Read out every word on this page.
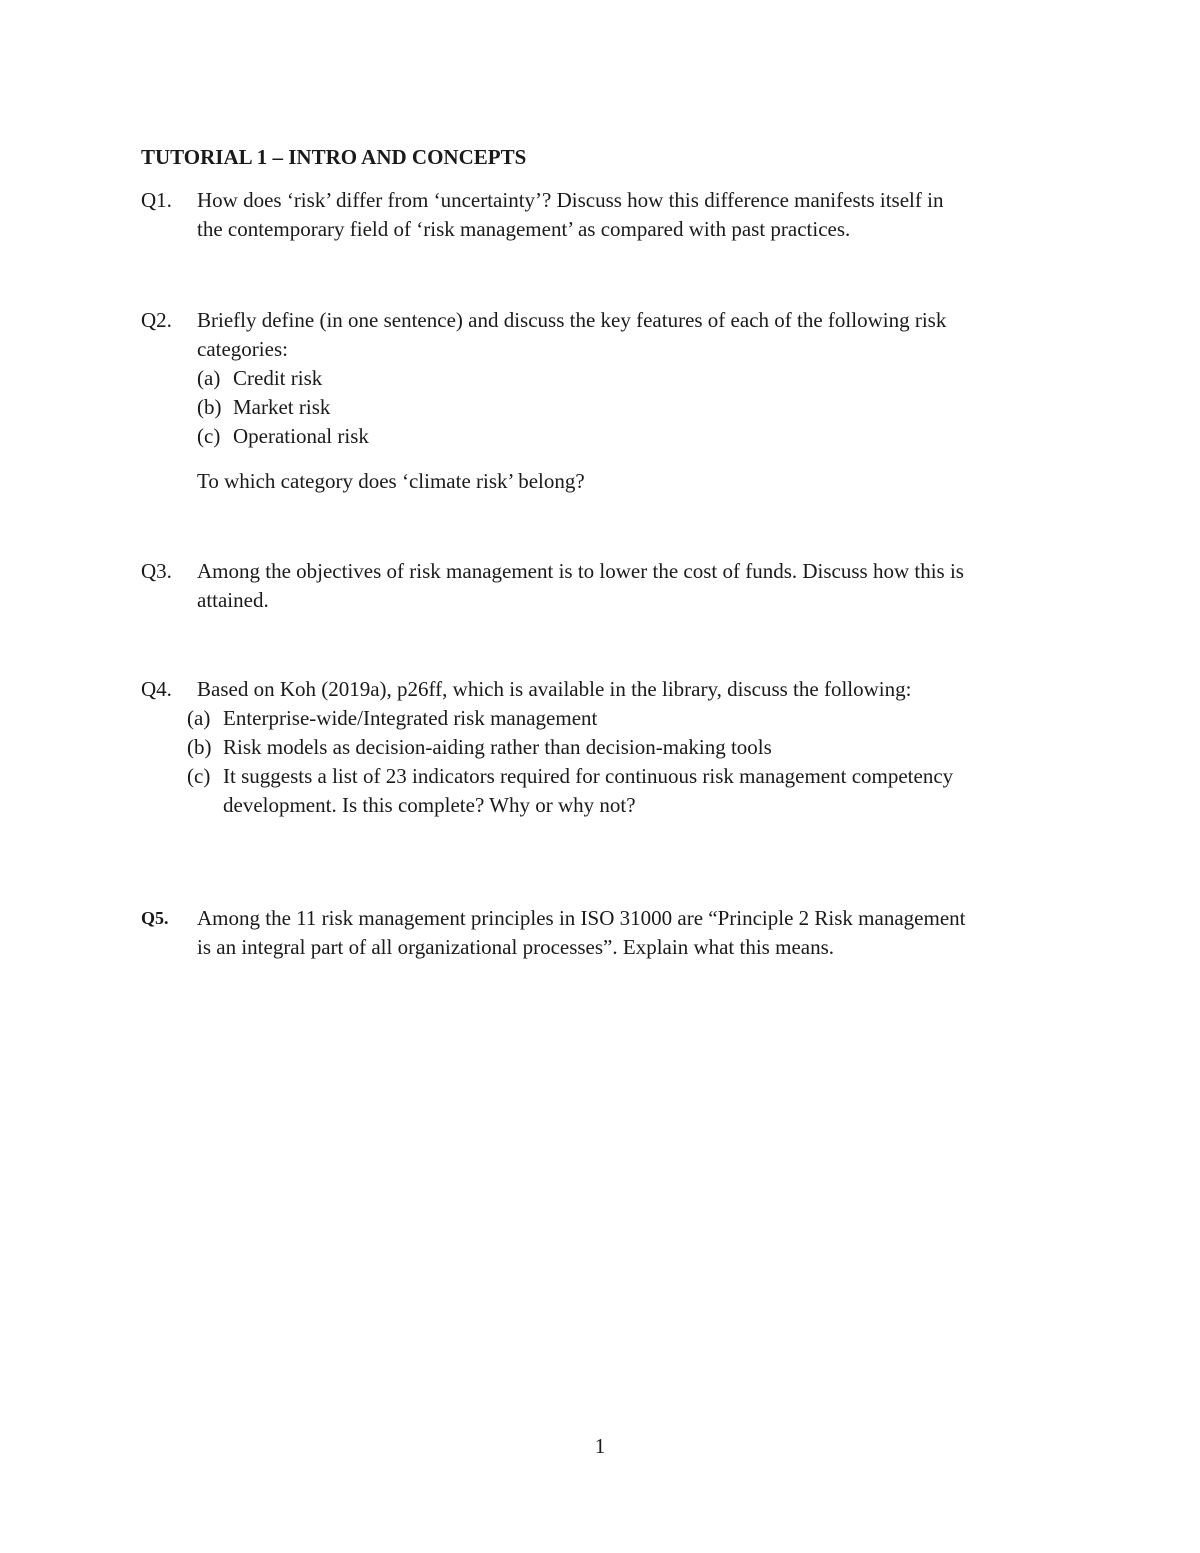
TUTORIAL 1 – INTRO AND CONCEPTS
Q1.	How does ‘risk’ differ from ‘uncertainty’? Discuss how this difference manifests itself in
the contemporary field of ‘risk management’ as compared with past practices.
Q2.	Briefly define (in one sentence) and discuss the key features of each of the following risk
categories:
(a) Credit risk
(b) Market risk
(c) Operational risk
To which category does ‘climate risk’ belong?
Q3.	Among the objectives of risk management is to lower the cost of funds. Discuss how this is
attained.
Q4.	Based on Koh (2019a), p26ff, which is available in the library, discuss the following:
(a) Enterprise-wide/Integrated risk management
(b) Risk models as decision-aiding rather than decision-making tools
(c) It suggests a list of 23 indicators required for continuous risk management competency
development. Is this complete? Why or why not?
Q5.	Among the 11 risk management principles in ISO 31000 are “Principle 2 Risk management
is an integral part of all organizational processes”. Explain what this means.
1
